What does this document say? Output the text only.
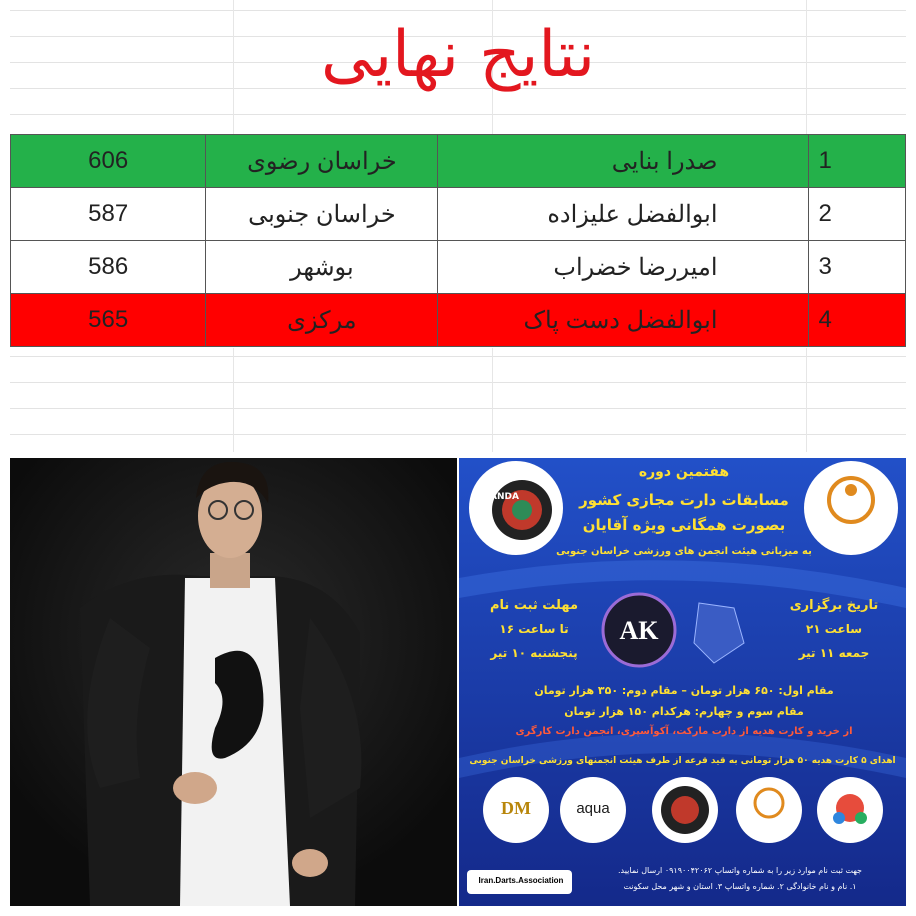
نتایج نهایی
606	خراسان رضوی	صدرا بنایی	1
587	خراسان جنوبی	ابوالفضل علیزاده	2
586	بوشهر	امیررضا خضراب	3
565	مرکزی	ابوالفضل دست پاک	4
IRANDA
هفتمین دوره
مسابقات دارت مجازی کشور
بصورت همگانی ویژه آقایان
به میزبانی هیئت انجمن های ورزشی خراسان جنوبی
تاریخ برگزاری
ساعت ۲۱
جمعه ۱۱ تیر
مهلت ثبت نام
تا ساعت ۱۶
پنجشنبه ۱۰ تیر
AK
مقام اول: ۶۵۰ هزار تومان – مقام دوم: ۳۵۰ هزار تومان
مقام سوم و چهارم: هرکدام ۱۵۰ هزار تومان
از خرید و کارت هدیه از دارت مارکت، آکوآسپری، انجمن دارت کارگری
اهدای ۵ کارت هدیه ۵۰ هزار تومانی به قید قرعه از طرف هیئت انجمنهای ورزشی خراسان جنوبی
DM	aqua
Iran.Darts.Association
جهت ثبت نام موارد زیر را به شماره واتساپ ۰۹۱۹۰۰۴۲۰۶۲ ارسال نمایید.
۱. نام و نام خانوادگی ۲. شماره واتساپ ۳. استان و شهر محل سکونت
